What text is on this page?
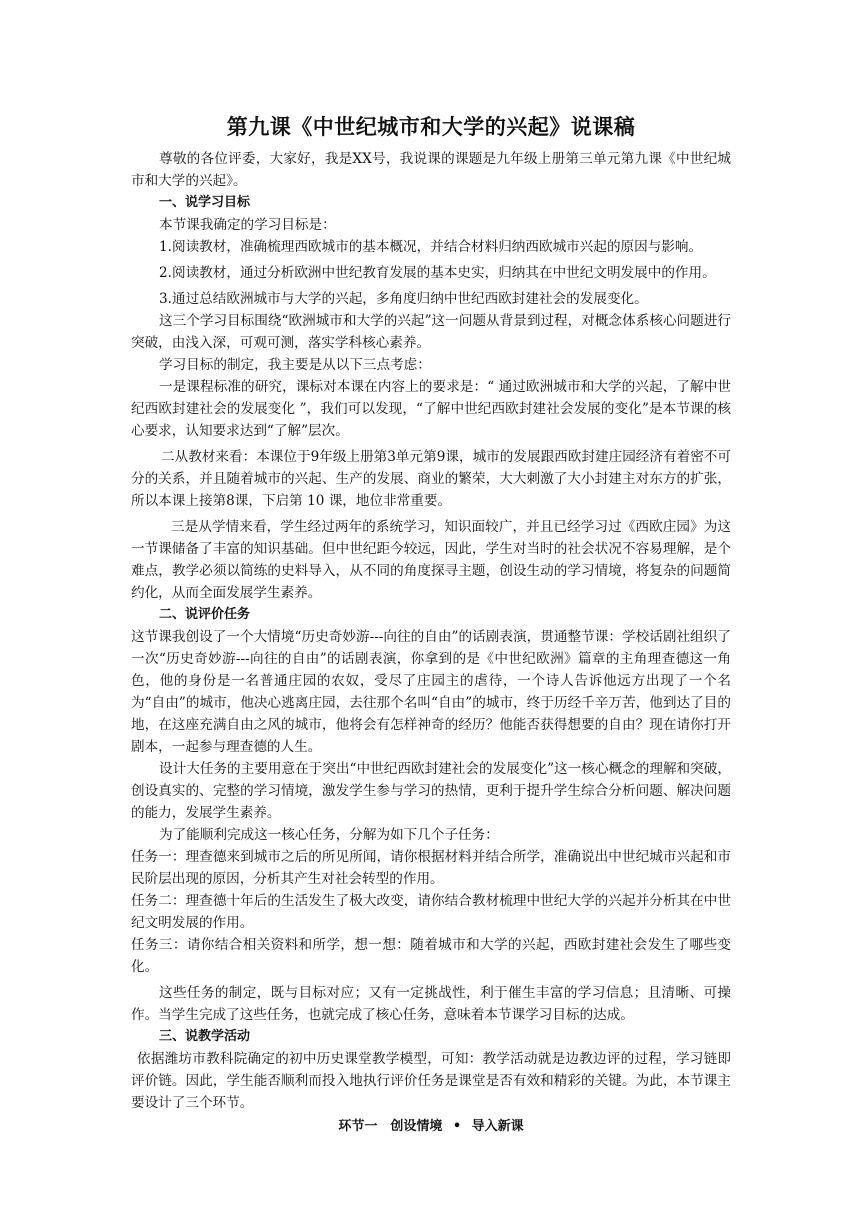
第九课《中世纪城市和大学的兴起》说课稿

尊敬的各位评委，大家好，我是XX号，我说课的课题是九年级上册第三单元第九课《中世纪城市和大学的兴起》。

一、说学习目标

本节课我确定的学习目标是：

1.阅读教材，准确梳理西欧城市的基本概况，并结合材料归纳西欧城市兴起的原因与影响。

2.阅读教材，通过分析欧洲中世纪教育发展的基本史实，归纳其在中世纪文明发展中的作用。

3.通过总结欧洲城市与大学的兴起，多角度归纳中世纪西欧封建社会的发展变化。

这三个学习目标围绕“欧洲城市和大学的兴起”这一问题从背景到过程，对概念体系核心问题进行突破，由浅入深，可观可测，落实学科核心素养。

学习目标的制定，我主要是从以下三点考虑：

一是课程标准的研究，课标对本课在内容上的要求是：“ 通过欧洲城市和大学的兴起，了解中世纪西欧封建社会的发展变化 ”，我们可以发现，“了解中世纪西欧封建社会发展的变化”是本节课的核心要求，认知要求达到“了解”层次。

二从教材来看：本课位于9年级上册第3单元第9课，城市的发展跟西欧封建庄园经济有着密不可分的关系，并且随着城市的兴起、生产的发展、商业的繁荣，大大刺激了大小封建主对东方的扩张，所以本课上接第8课，下启第 10 课，地位非常重要。

三是从学情来看，学生经过两年的系统学习，知识面较广，并且已经学习过《西欧庄园》为这一节课储备了丰富的知识基础。但中世纪距今较远，因此，学生对当时的社会状况不容易理解，是个难点，教学必须以简练的史料导入，从不同的角度探寻主题，创设生动的学习情境，将复杂的问题简约化，从而全面发展学生素养。

二、说评价任务

这节课我创设了一个大情境“历史奇妙游---向往的自由”的话剧表演，贯通整节课：学校话剧社组织了一次“历史奇妙游---向往的自由”的话剧表演，你拿到的是《中世纪欧洲》篇章的主角理查德这一角色，他的身份是一名普通庄园的农奴，受尽了庄园主的虐待，一个诗人告诉他远方出现了一个名为“自由”的城市，他决心逃离庄园，去往那个名叫“自由”的城市，终于历经千辛万苦，他到达了目的地，在这座充满自由之风的城市，他将会有怎样神奇的经历？他能否获得想要的自由？现在请你打开剧本，一起参与理查德的人生。

设计大任务的主要用意在于突出“中世纪西欧封建社会的发展变化”这一核心概念的理解和突破，创设真实的、完整的学习情境，激发学生参与学习的热情，更利于提升学生综合分析问题、解决问题的能力，发展学生素养。

为了能顺利完成这一核心任务，分解为如下几个子任务：

任务一：理查德来到城市之后的所见所闻，请你根据材料并结合所学，准确说出中世纪城市兴起和市民阶层出现的原因，分析其产生对社会转型的作用。

任务二：理查德十年后的生活发生了极大改变，请你结合教材梳理中世纪大学的兴起并分析其在中世纪文明发展的作用。

任务三：请你结合相关资料和所学，想一想：随着城市和大学的兴起，西欧封建社会发生了哪些变化。

这些任务的制定，既与目标对应；又有一定挑战性，利于催生丰富的学习信息；且清晰、可操作。当学生完成了这些任务，也就完成了核心任务，意味着本节课学习目标的达成。

三、说教学活动

依据潍坊市教科院确定的初中历史课堂教学模型，可知：教学活动就是边教边评的过程，学习链即评价链。因此，学生能否顺利而投入地执行评价任务是课堂是否有效和精彩的关键。为此，本节课主要设计了三个环节。

环节一　创设情境 • 导入新课
